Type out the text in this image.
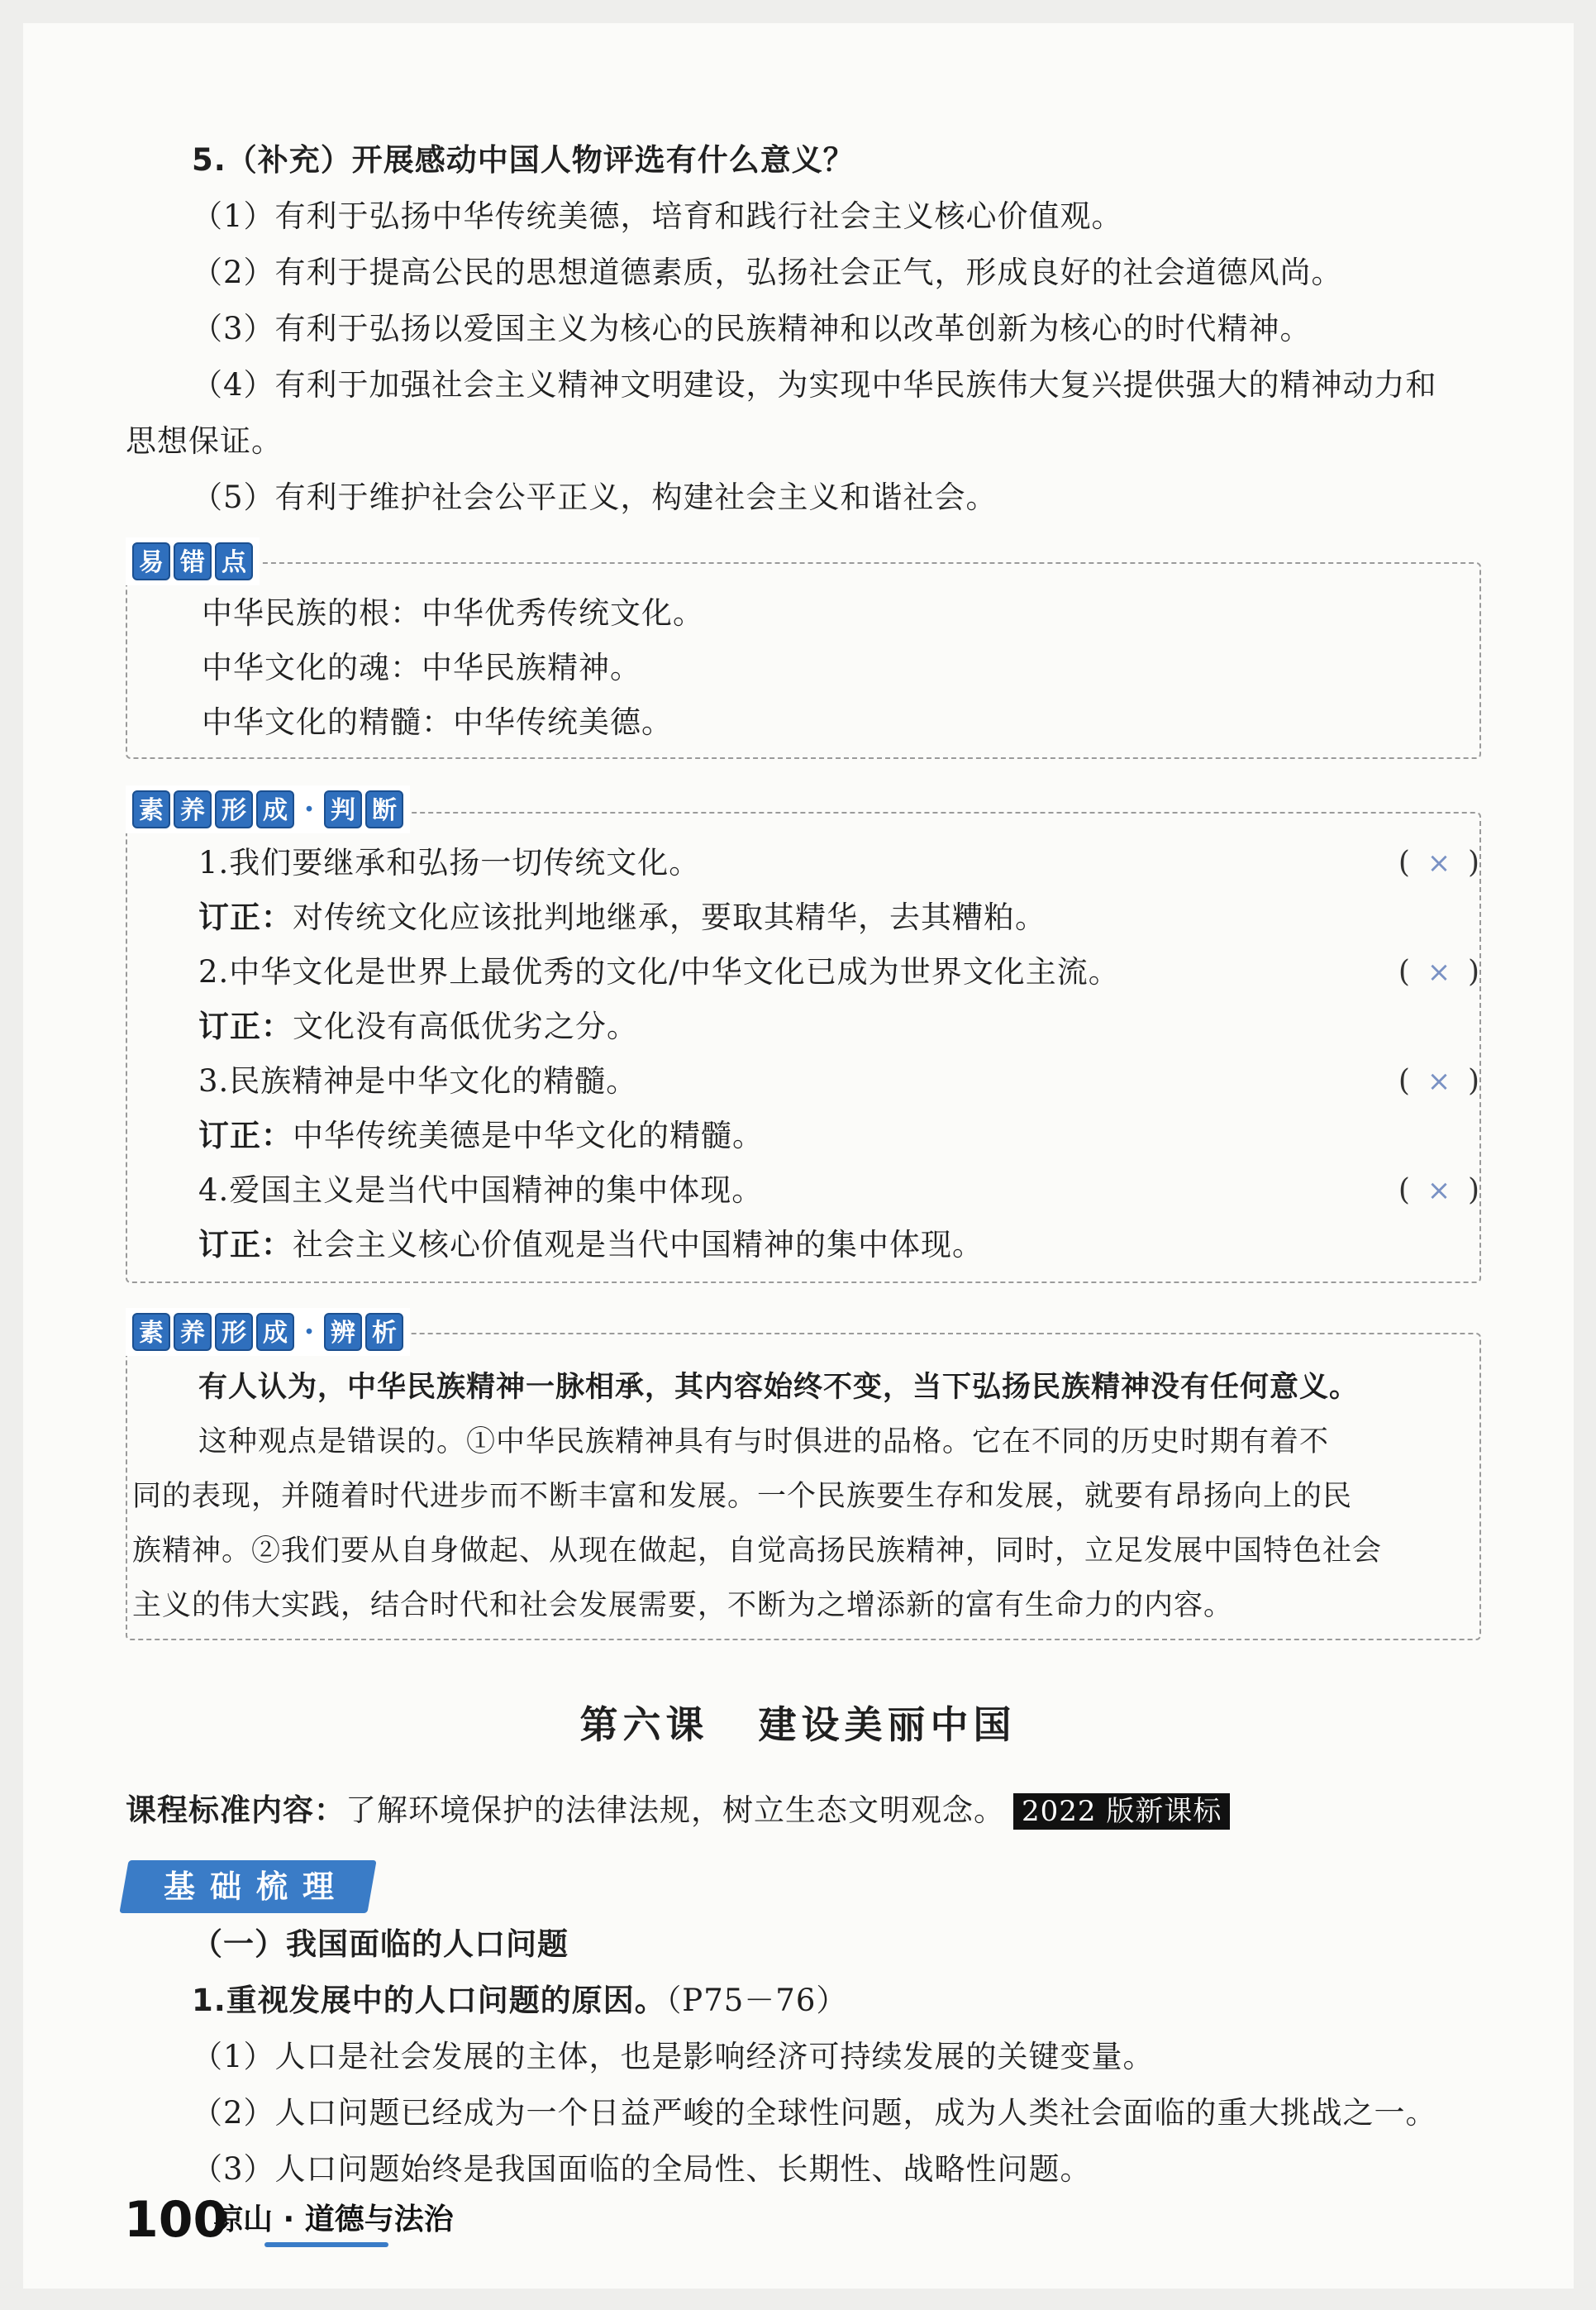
5.（补充）开展感动中国人物评选有什么意义？
（1）有利于弘扬中华传统美德，培育和践行社会主义核心价值观。
（2）有利于提高公民的思想道德素质，弘扬社会正气，形成良好的社会道德风尚。
（3）有利于弘扬以爱国主义为核心的民族精神和以改革创新为核心的时代精神。
（4）有利于加强社会主义精神文明建设，为实现中华民族伟大复兴提供强大的精神动力和
思想保证。
（5）有利于维护社会公平正义，构建社会主义和谐社会。
易 错 点
中华民族的根：中华优秀传统文化。
中华文化的魂：中华民族精神。
中华文化的精髓：中华传统美德。
素 养 形 成 · 判 断
1.我们要继承和弘扬一切传统文化。	( × )
订正：对传统文化应该批判地继承，要取其精华，去其糟粕。
2.中华文化是世界上最优秀的文化/中华文化已成为世界文化主流。	( × )
订正：文化没有高低优劣之分。
3.民族精神是中华文化的精髓。	( × )
订正：中华传统美德是中华文化的精髓。
4.爱国主义是当代中国精神的集中体现。	( × )
订正：社会主义核心价值观是当代中国精神的集中体现。
素 养 形 成 · 辨 析
有人认为，中华民族精神一脉相承，其内容始终不变，当下弘扬民族精神没有任何意义。
这种观点是错误的。①中华民族精神具有与时俱进的品格。它在不同的历史时期有着不
同的表现，并随着时代进步而不断丰富和发展。一个民族要生存和发展，就要有昂扬向上的民
族精神。②我们要从自身做起、从现在做起，自觉高扬民族精神，同时，立足发展中国特色社会
主义的伟大实践，结合时代和社会发展需要，不断为之增添新的富有生命力的内容。
第六课 建设美丽中国
课程标准内容：了解环境保护的法律法规，树立生态文明观念。 2022 版新课标
基础梳理
（一）我国面临的人口问题
1.重视发展中的人口问题的原因。（P75－76）
（1）人口是社会发展的主体，也是影响经济可持续发展的关键变量。
（2）人口问题已经成为一个日益严峻的全球性问题，成为人类社会面临的重大挑战之一。
（3）人口问题始终是我国面临的全局性、长期性、战略性问题。
100
凉山 · 道德与法治
